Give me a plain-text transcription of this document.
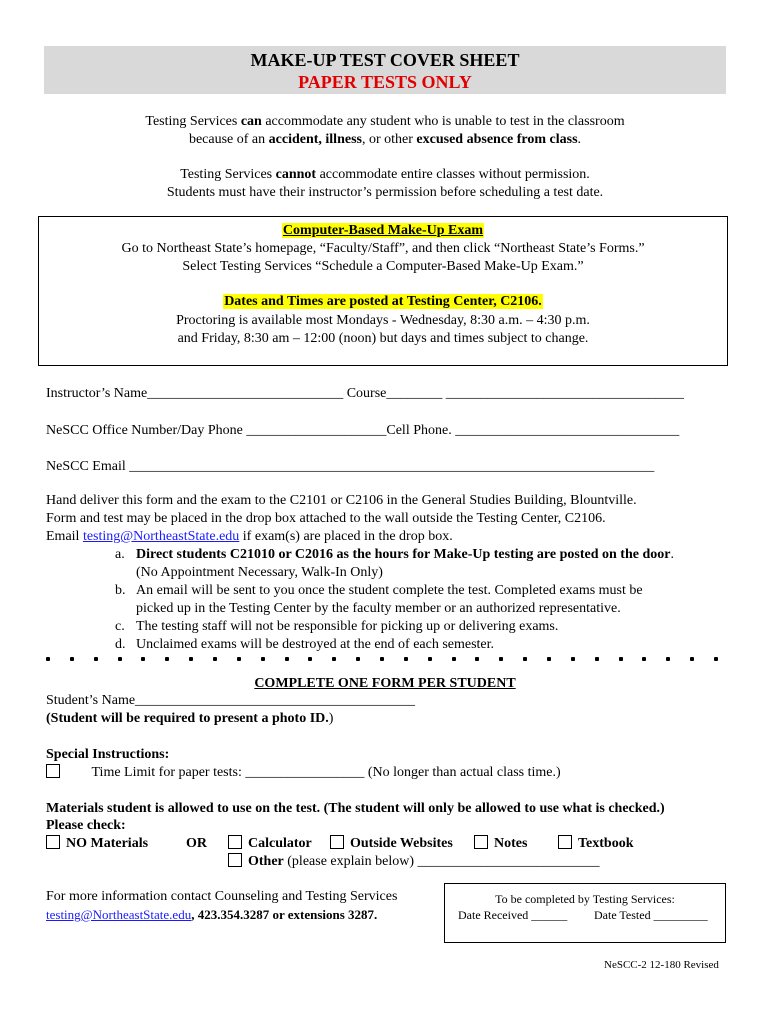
MAKE-UP TEST COVER SHEET
PAPER TESTS ONLY
Testing Services can accommodate any student who is unable to test in the classroom
because of an accident, illness, or other excused absence from class.
Testing Services cannot accommodate entire classes without permission.
Students must have their instructor’s permission before scheduling a test date.
Computer-Based Make-Up Exam
Go to Northeast State’s homepage, “Faculty/Staff”, and then click “Northeast State’s Forms.”
Select Testing Services “Schedule a Computer-Based Make-Up Exam.”
Dates and Times are posted at Testing Center, C2106.
Proctoring is available most Mondays - Wednesday, 8:30 a.m. – 4:30 p.m.
and Friday, 8:30 am – 12:00 (noon) but days and times subject to change.
Instructor’s Name____________________________ Course________ __________________________________
NeSCC Office Number/Day Phone ____________________Cell Phone. ________________________________
NeSCC Email ___________________________________________________________________________
Hand deliver this form and the exam to the C2101 or C2106 in the General Studies Building, Blountville.
Form and test may be placed in the drop box attached to the wall outside the Testing Center, C2106.
Email testing@NortheastState.edu if exam(s) are placed in the drop box.
a. Direct students C21010 or C2016 as the hours for Make-Up testing are posted on the door.
(No Appointment Necessary, Walk-In Only)
b. An email will be sent to you once the student complete the test. Completed exams must be
picked up in the Testing Center by the faculty member or an authorized representative.
c. The testing staff will not be responsible for picking up or delivering exams.
d. Unclaimed exams will be destroyed at the end of each semester.
COMPLETE ONE FORM PER STUDENT
Student’s Name________________________________________
(Student will be required to present a photo ID.)
Special Instructions:
Time Limit for paper tests: _________________ (No longer than actual class time.)
Materials student is allowed to use on the test. (The student will only be allowed to use what is checked.)
Please check:
NO Materials	OR	Calculator	Outside Websites	Notes	Textbook
Other (please explain below) __________________________
For more information contact Counseling and Testing Services
testing@NortheastState.edu, 423.354.3287 or extensions 3287.
To be completed by Testing Services:
Date Received ______ Date Tested _________
NeSCC-2 12-180 Revised
